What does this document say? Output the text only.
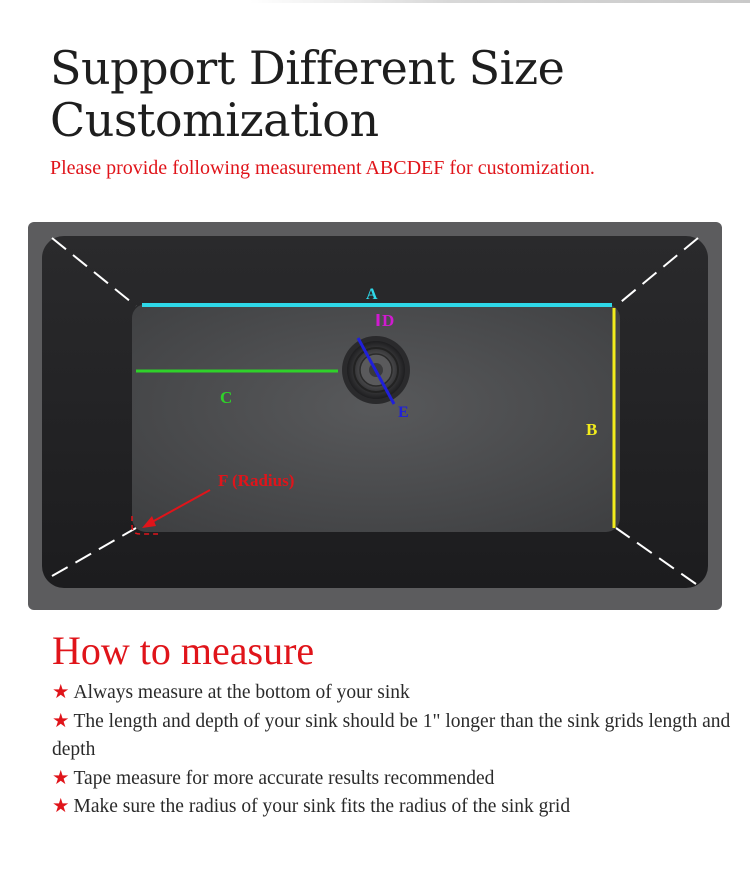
Support Different Size
Customization

Please provide following measurement ABCDEF for customization.

A
B
C
D
E
F (Radius)
How to measure
★ Always measure at the bottom of your sink
★ The length and depth of your sink should be 1" longer than the sink grids length and depth
★ Tape measure for more accurate results recommended
★ Make sure the radius of your sink fits the radius of the sink grid
